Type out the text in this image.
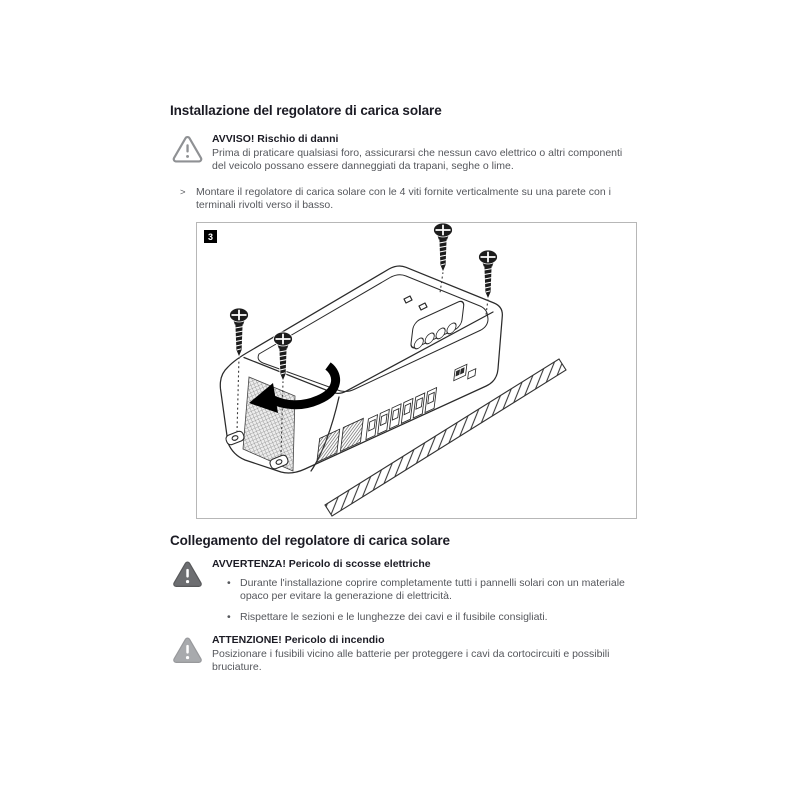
Installazione del regolatore di carica solare
AVVISO! Rischio di danni
Prima di praticare qualsiasi foro, assicurarsi che nessun cavo elettrico o altri componenti del veicolo possano essere danneggiati da trapani, seghe o lime.
> Montare il regolatore di carica solare con le 4 viti fornite verticalmente su una parete con i terminali rivolti verso il basso.
3
Collegamento del regolatore di carica solare
AVVERTENZA! Pericolo di scosse elettriche
• Durante l'installazione coprire completamente tutti i pannelli solari con un materiale opaco per evitare la generazione di elettricità.
• Rispettare le sezioni e le lunghezze dei cavi e il fusibile consigliati.
ATTENZIONE! Pericolo di incendio
Posizionare i fusibili vicino alle batterie per proteggere i cavi da cortocircuiti e possibili bruciature.
